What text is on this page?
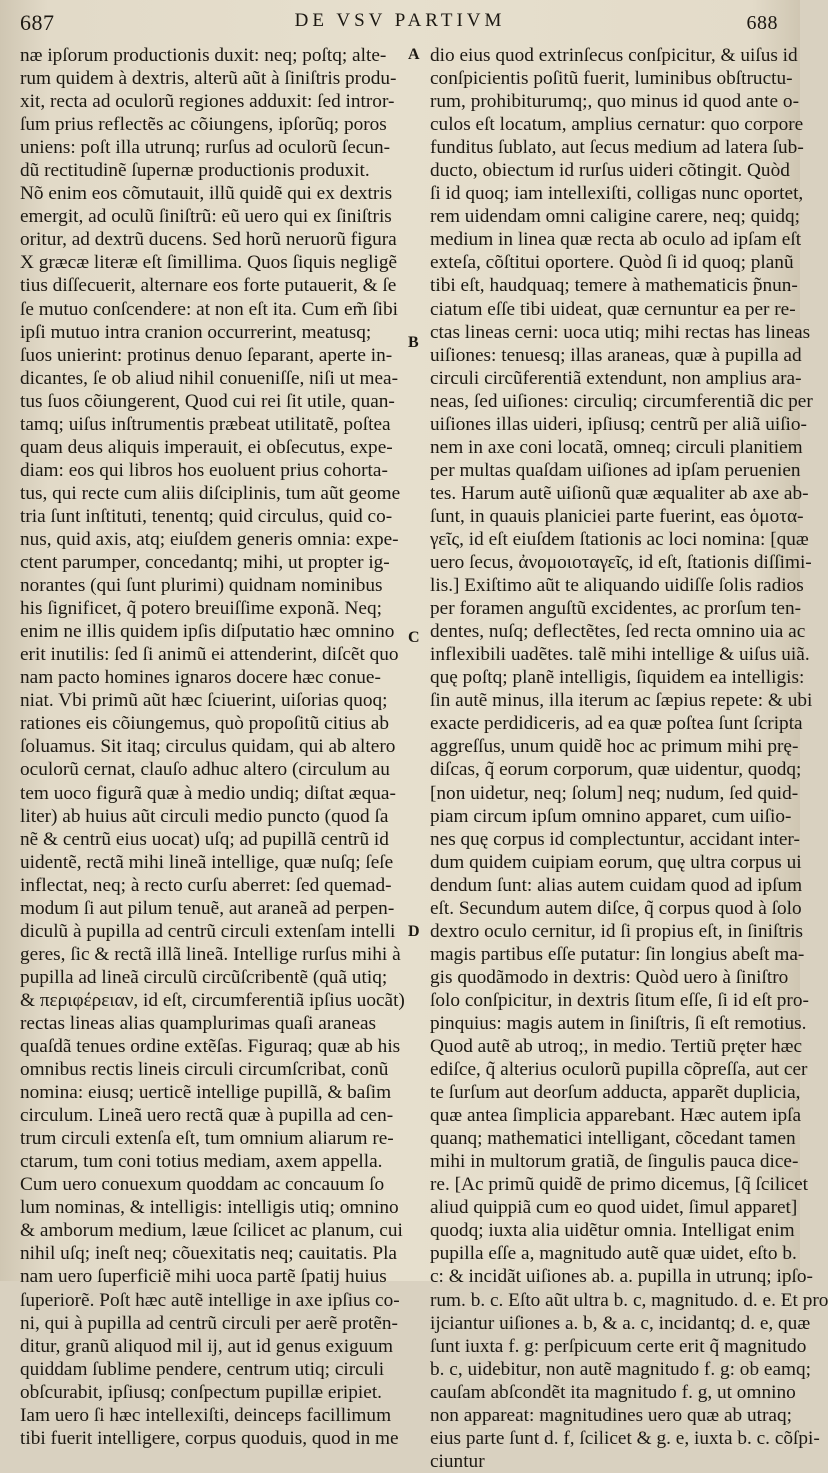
687	DE VSV PARTIVM	688
næ ipſorum productionis duxit: neq; poſtq; alte-
rum quidem à dextris, alterũ aũt à ſiniſtris produ-
xit, recta ad oculorũ regiones adduxit: ſed intror-
ſum prius reflectẽs ac cõiungens, ipſorũq; poros
uniens: poſt illa utrunq; rurſus ad oculorũ ſecun-
dũ rectitudinẽ ſupernæ productionis produxit.
Nõ enim eos cõmutauit, illũ quidẽ qui ex dextris
emergit, ad oculũ ſiniſtrũ: eũ uero qui ex ſiniſtris
oritur, ad dextrũ ducens. Sed horũ neruorũ figura
X græcæ literæ eſt ſimillima. Quos ſiquis negligẽ
tius diſſecuerit, alternare eos forte putauerit, & ſe
ſe mutuo conſcendere: at non eſt ita. Cum em̃ ſibi
ipſi mutuo intra cranion occurrerint, meatusq;
ſuos unierint: protinus denuo ſeparant, aperte in-
dicantes, ſe ob aliud nihil conueniſſe, niſi ut mea-
tus ſuos cõiungerent, Quod cui rei ſit utile, quan-
tamq; uiſus inſtrumentis præbeat utilitatẽ, poſtea
quam deus aliquis imperauit, ei obſecutus, expe-
diam: eos qui libros hos euoluent prius cohorta-
tus, qui recte cum aliis diſciplinis, tum aũt geome
tria ſunt inſtituti, tenentq; quid circulus, quid co-
nus, quid axis, atq; eiuſdem generis omnia: expe-
ctent parumper, concedantq; mihi, ut propter ig-
norantes (qui ſunt plurimi) quidnam nominibus
his ſignificet, q̃ potero breuiſſime exponã. Neq;
enim ne illis quidem ipſis diſputatio hæc omnino
erit inutilis: ſed ſi animũ ei attenderint, diſcẽt quo
nam pacto homines ignaros docere hæc conue-
niat. Vbi primũ aũt hæc ſciuerint, uiſorias quoq;
rationes eis cõiungemus, quò propoſitũ citius ab
ſoluamus. Sit itaq; circulus quidam, qui ab altero
oculorũ cernat, clauſo adhuc altero (circulum au
tem uoco figurã quæ à medio undiq; diſtat æqua-
liter) ab huius aũt circuli medio puncto (quod ſa
nẽ & centrũ eius uocat) uſq; ad pupillã centrũ id
uidentẽ, rectã mihi lineã intellige, quæ nuſq; ſeſe
inflectat, neq; à recto curſu aberret: ſed quemad-
modum ſi aut pilum tenuẽ, aut araneã ad perpen-
diculũ à pupilla ad centrũ circuli extenſam intelli
geres, ſic & rectã illã lineã. Intellige rurſus mihi à
pupilla ad lineã circulũ circũſcribentẽ (quã utiq;
& περιφέρειαν, id eſt, circumferentiã ipſius uocãt)
rectas lineas alias quamplurimas quaſi araneas
quaſdã tenues ordine extẽſas. Figuraq; quæ ab his
omnibus rectis lineis circuli circumſcribat, conũ
nomina: eiusq; uerticẽ intellige pupillã, & baſim
circulum. Lineã uero rectã quæ à pupilla ad cen-
trum circuli extenſa eſt, tum omnium aliarum re-
ctarum, tum coni totius mediam, axem appella.
Cum uero conuexum quoddam ac concauum ſo
lum nominas, & intelligis: intelligis utiq; omnino
& amborum medium, læue ſcilicet ac planum, cui
nihil uſq; ineſt neq; cõuexitatis neq; cauitatis. Pla
nam uero ſuperficiẽ mihi uoca partẽ ſpatij huius
ſuperiorẽ. Poſt hæc autẽ intellige in axe ipſius co-
ni, qui à pupilla ad centrũ circuli per aerẽ protẽn-
ditur, granũ aliquod mil ij, aut id genus exiguum
quiddam ſublime pendere, centrum utiq; circuli
obſcurabit, ipſiusq; conſpectum pupillæ eripiet.
Iam uero ſi hæc intellexiſti, deinceps facillimum
tibi fuerit intelligere, corpus quoduis, quod in me
A
B
C
D
dio eius quod extrinſecus conſpicitur, & uiſus id
conſpicientis poſitũ fuerit, luminibus obſtructu-
rum, prohibiturumq;, quo minus id quod ante o-
culos eſt locatum, amplius cernatur: quo corpore
funditus ſublato, aut ſecus medium ad latera ſub-
ducto, obiectum id rurſus uideri cõtingit. Quòd
ſi id quoq; iam intellexiſti, colligas nunc oportet,
rem uidendam omni caligine carere, neq; quidq;
medium in linea quæ recta ab oculo ad ipſam eſt
exteſa, cõſtitui oportere. Quòd ſi id quoq; planũ
tibi eſt, haudquaq; temere à mathematicis p̃nun-
ciatum eſſe tibi uideat, quæ cernuntur ea per re-
ctas lineas cerni: uoca utiq; mihi rectas has lineas
uiſiones: tenuesq; illas araneas, quæ à pupilla ad
circuli circũferentiã extendunt, non amplius ara-
neas, ſed uiſiones: circuliq; circumferentiã dic per
uiſiones illas uideri, ipſiusq; centrũ per aliã uiſio-
nem in axe coni locatã, omneq; circuli planitiem
per multas quaſdam uiſiones ad ipſam peruenien
tes. Harum autẽ uiſionũ quæ æqualiter ab axe ab-
ſunt, in quauis planiciei parte fuerint, eas ὁμοτα-
γεῖς, id eſt eiuſdem ſtationis ac loci nomina: [quæ
uero ſecus, ἀνομοιοταγεῖς, id eſt, ſtationis diſſimi-
lis.] Exiſtimo aũt te aliquando uidiſſe ſolis radios
per foramen anguſtũ excidentes, ac prorſum ten-
dentes, nuſq; deflectẽtes, ſed recta omnino uia ac
inflexibili uadẽtes. talẽ mihi intellige & uiſus uiã.
quę poſtq; planẽ intelligis, ſiquidem ea intelligis:
ſin autẽ minus, illa iterum ac ſæpius repete: & ubi
exacte perdidiceris, ad ea quæ poſtea ſunt ſcripta
aggreſſus, unum quidẽ hoc ac primum mihi prę-
diſcas, q̃ eorum corporum, quæ uidentur, quodq;
[non uidetur, neq; ſolum] neq; nudum, ſed quid-
piam circum ipſum omnino apparet, cum uiſio-
nes quę corpus id complectuntur, accidant inter-
dum quidem cuipiam eorum, quę ultra corpus ui
dendum ſunt: alias autem cuidam quod ad ipſum
eſt. Secundum autem diſce, q̃ corpus quod à ſolo
dextro oculo cernitur, id ſi propius eſt, in ſiniſtris
magis partibus eſſe putatur: ſin longius abeſt ma-
gis quodãmodo in dextris: Quòd uero à ſiniſtro
ſolo conſpicitur, in dextris ſitum eſſe, ſi id eſt pro-
pinquius: magis autem in ſiniſtris, ſi eſt remotius.
Quod autẽ ab utroq;, in medio. Tertiũ pręter hæc
ediſce, q̃ alterius oculorũ pupilla cõpreſſa, aut cer
te ſurſum aut deorſum adducta, apparẽt duplicia,
quæ antea ſimplicia apparebant. Hæc autem ipſa
quanq; mathematici intelligant, cõcedant tamen
mihi in multorum gratiã, de ſingulis pauca dice-
re. [Ac primũ quidẽ de primo dicemus, [q̃ ſcilicet
aliud quippiã cum eo quod uidet, ſimul apparet]
quodq; iuxta alia uidẽtur omnia. Intelligat enim
pupilla eſſe a, magnitudo autẽ quæ uidet, eſto b.
c: & incidãt uiſiones ab. a. pupilla in utrunq; ipſo-
rum. b. c. Eſto aũt ultra b. c, magnitudo. d. e. Et pro
ijciantur uiſiones a. b, & a. c, incidantq; d. e, quæ
ſunt iuxta f. g: perſpicuum certe erit q̃ magnitudo
b. c, uidebitur, non autẽ magnitudo f. g: ob eamq;
cauſam abſcondẽt ita magnitudo f. g, ut omnino
non appareat: magnitudines uero quæ ab utraq;
eius parte ſunt d. f, ſcilicet & g. e, iuxta b. c. cõſpi-
ciuntur
